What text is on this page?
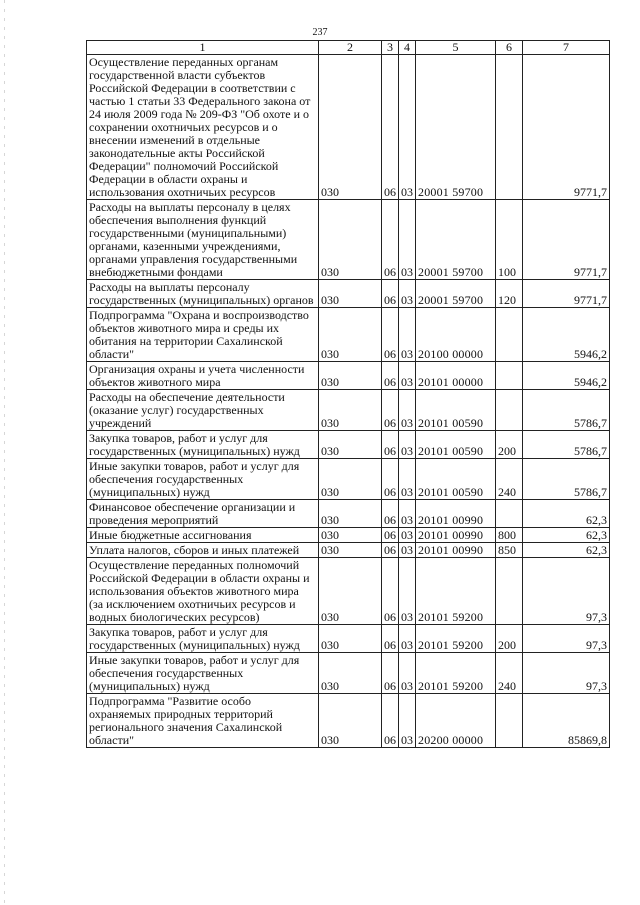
237
1	2	3	4	5	6	7
Осуществление переданных органам государственной власти субъектов Российской Федерации в соответствии с частью 1 статьи 33 Федерального закона от 24 июля 2009 года № 209-ФЗ "Об охоте и о сохранении охотничьих ресурсов и о внесении изменений в отдельные законодательные акты Российской Федерации" полномочий Российской Федерации в области охраны и использования охотничьих ресурсов	030	06	03	20001 59700		9771,7
Расходы на выплаты персоналу в целях обеспечения выполнения функций государственными (муниципальными) органами, казенными учреждениями, органами управления государственными внебюджетными фондами	030	06	03	20001 59700	100	9771,7
Расходы на выплаты персоналу государственных (муниципальных) органов	030	06	03	20001 59700	120	9771,7
Подпрограмма "Охрана и воспроизводство объектов животного мира и среды их обитания на территории Сахалинской области"	030	06	03	20100 00000		5946,2
Организация охраны и учета численности объектов животного мира	030	06	03	20101 00000		5946,2
Расходы на обеспечение деятельности (оказание услуг) государственных учреждений	030	06	03	20101 00590		5786,7
Закупка товаров, работ и услуг для государственных (муниципальных) нужд	030	06	03	20101 00590	200	5786,7
Иные закупки товаров, работ и услуг для обеспечения государственных (муниципальных) нужд	030	06	03	20101 00590	240	5786,7
Финансовое обеспечение организации и проведения мероприятий	030	06	03	20101 00990		62,3
Иные бюджетные ассигнования	030	06	03	20101 00990	800	62,3
Уплата налогов, сборов и иных платежей	030	06	03	20101 00990	850	62,3
Осуществление переданных полномочий Российской Федерации в области охраны и использования объектов животного мира (за исключением охотничьих ресурсов и водных биологических ресурсов)	030	06	03	20101 59200		97,3
Закупка товаров, работ и услуг для государственных (муниципальных) нужд	030	06	03	20101 59200	200	97,3
Иные закупки товаров, работ и услуг для обеспечения государственных (муниципальных) нужд	030	06	03	20101 59200	240	97,3
Подпрограмма "Развитие особо охраняемых природных территорий регионального значения Сахалинской области"	030	06	03	20200 00000		85869,8
